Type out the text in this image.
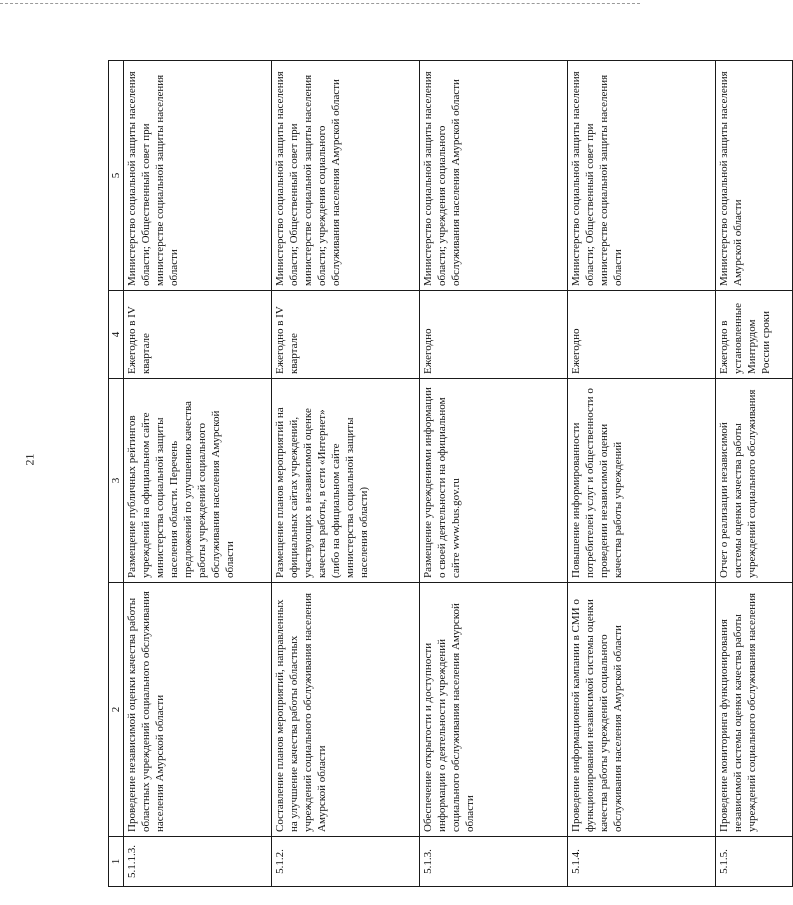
21
1	2	3	4	5
5.1.1.3.	Проведение независимой оценки качества работы областных учреждений социального обслуживания населения Амурской области	Размещение публичных рейтингов учреждений на официальном сайте министерства социальной защиты населения области. Перечень предложений по улучшению качества работы учреждений социального обслуживания населения Амурской области	Ежегодно в IV квартале	Министерство социальной защиты населения области; Общественный совет при министерстве социальной защиты населения области
5.1.2.	Составление планов мероприятий, направленных на улучшение качества работы областных учреждений социального обслуживания населения Амурской области	Размещение планов мероприятий на официальных сайтах учреждений, участвующих в независимой оценке качества работы, в сети «Интернет» (либо на официальном сайте министерства социальной защиты населения области)	Ежегодно в IV квартале	Министерство социальной защиты населения области; Общественный совет при министерстве социальной защиты населения области; учреждения социального обслуживания населения Амурской области
5.1.3.	Обеспечение открытости и доступности информации о деятельности учреждений социального обслуживания населения Амурской области	Размещение учреждениями информации о своей деятельности на официальном сайте www.bus.gov.ru	Ежегодно	Министерство социальной защиты населения области; учреждения социального обслуживания населения Амурской области
5.1.4.	Проведение информационной кампании в СМИ о функционировании независимой системы оценки качества работы учреждений социального обслуживания населения Амурской области	Повышение информированности потребителей услуг и общественности о проведении независимой оценки качества работы учреждений	Ежегодно	Министерство социальной защиты населения области; Общественный совет при министерстве социальной защиты населения области
5.1.5.	Проведение мониторинга функционирования независимой системы оценки качества работы учреждений социального обслуживания населения	Отчет о реализации независимой системы оценки качества работы учреждений социального обслуживания	Ежегодно в установленные Минтрудом России сроки	Министерство социальной защиты населения Амурской области
